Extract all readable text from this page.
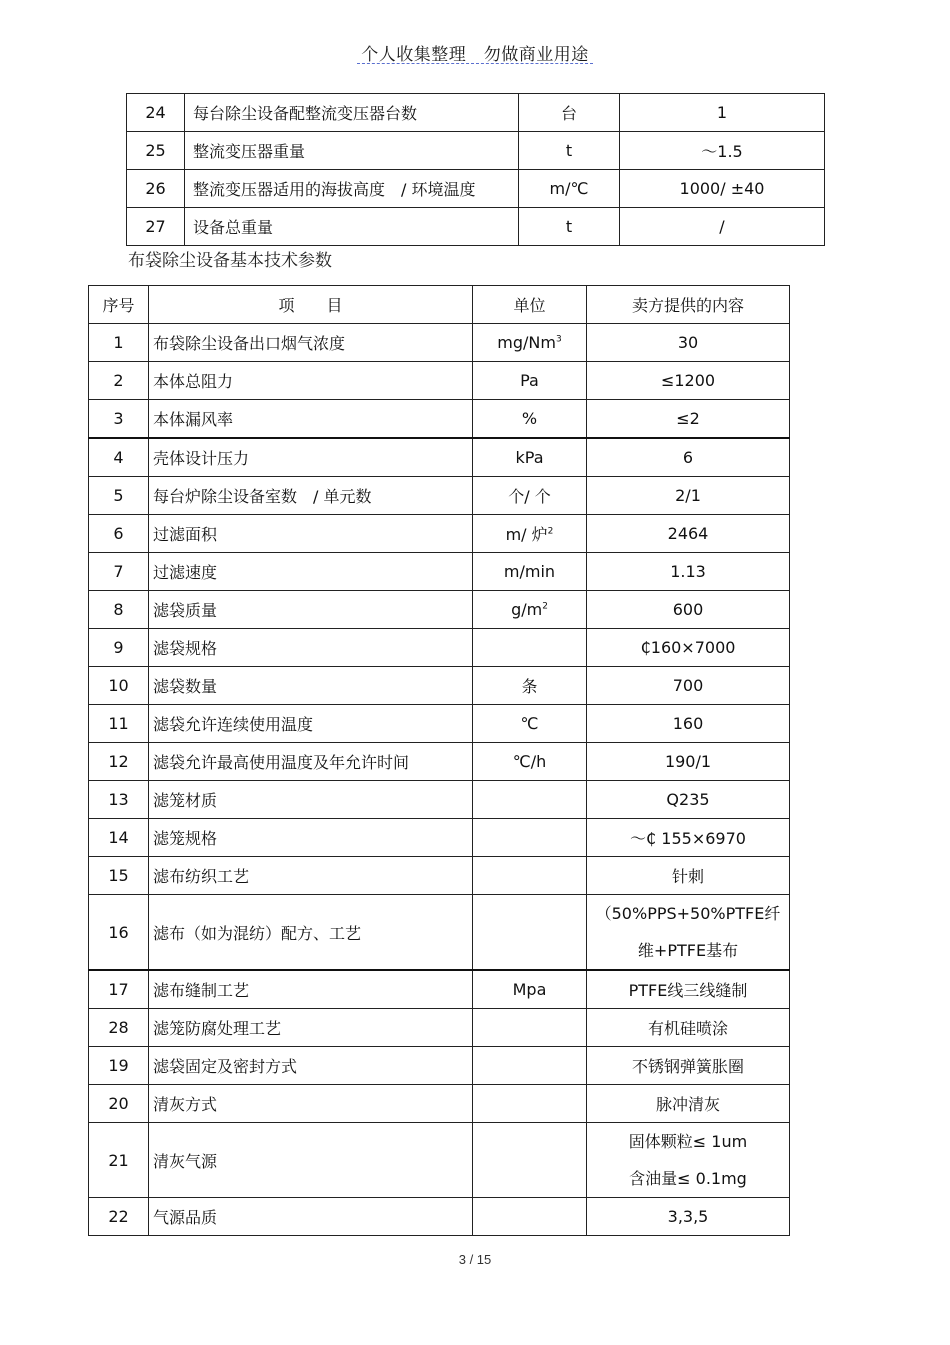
个人收集整理　勿做商业用途
24	每台除尘设备配整流变压器台数	台	1
25	整流变压器重量	t	～1.5
26	整流变压器适用的海拔高度　/ 环境温度	m/℃	1000/ ±40
27	设备总重量	t	/
布袋除尘设备基本技术参数
序号	项　　目	单位	卖方提供的内容
1	布袋除尘设备出口烟气浓度	mg/Nm$^3$	30
2	本体总阻力	Pa	≤1200
3	本体漏风率	%	≤2
4	壳体设计压力	kPa	6
5	每台炉除尘设备室数　/ 单元数	个/ 个	2/1
6	过滤面积	m/ 炉$^2$	2464
7	过滤速度	m/min	1.13
8	滤袋质量	$g/m^2$	600
9	滤袋规格		₵160×7000
10	滤袋数量	条	700
11	滤袋允许连续使用温度	℃	160
12	滤袋允许最高使用温度及年允许时间	℃/h	190/1
13	滤笼材质		Q235
14	滤笼规格		～₵ 155×6970
15	滤布纺织工艺		针刺
16	滤布（如为混纺）配方、工艺		（50%PPS+50%PTFE纤
维+PTFE基布

17	滤布缝制工艺	Mpa	PTFE线三线缝制
28	滤笼防腐处理工艺		有机硅喷涂
19	滤袋固定及密封方式		不锈钢弹簧胀圈
20	清灰方式		脉冲清灰
21	清灰气源		固体颗粒≤ 1um
含油量≤ 0.1mg

22	气源品质		3,3,5
3 / 15
